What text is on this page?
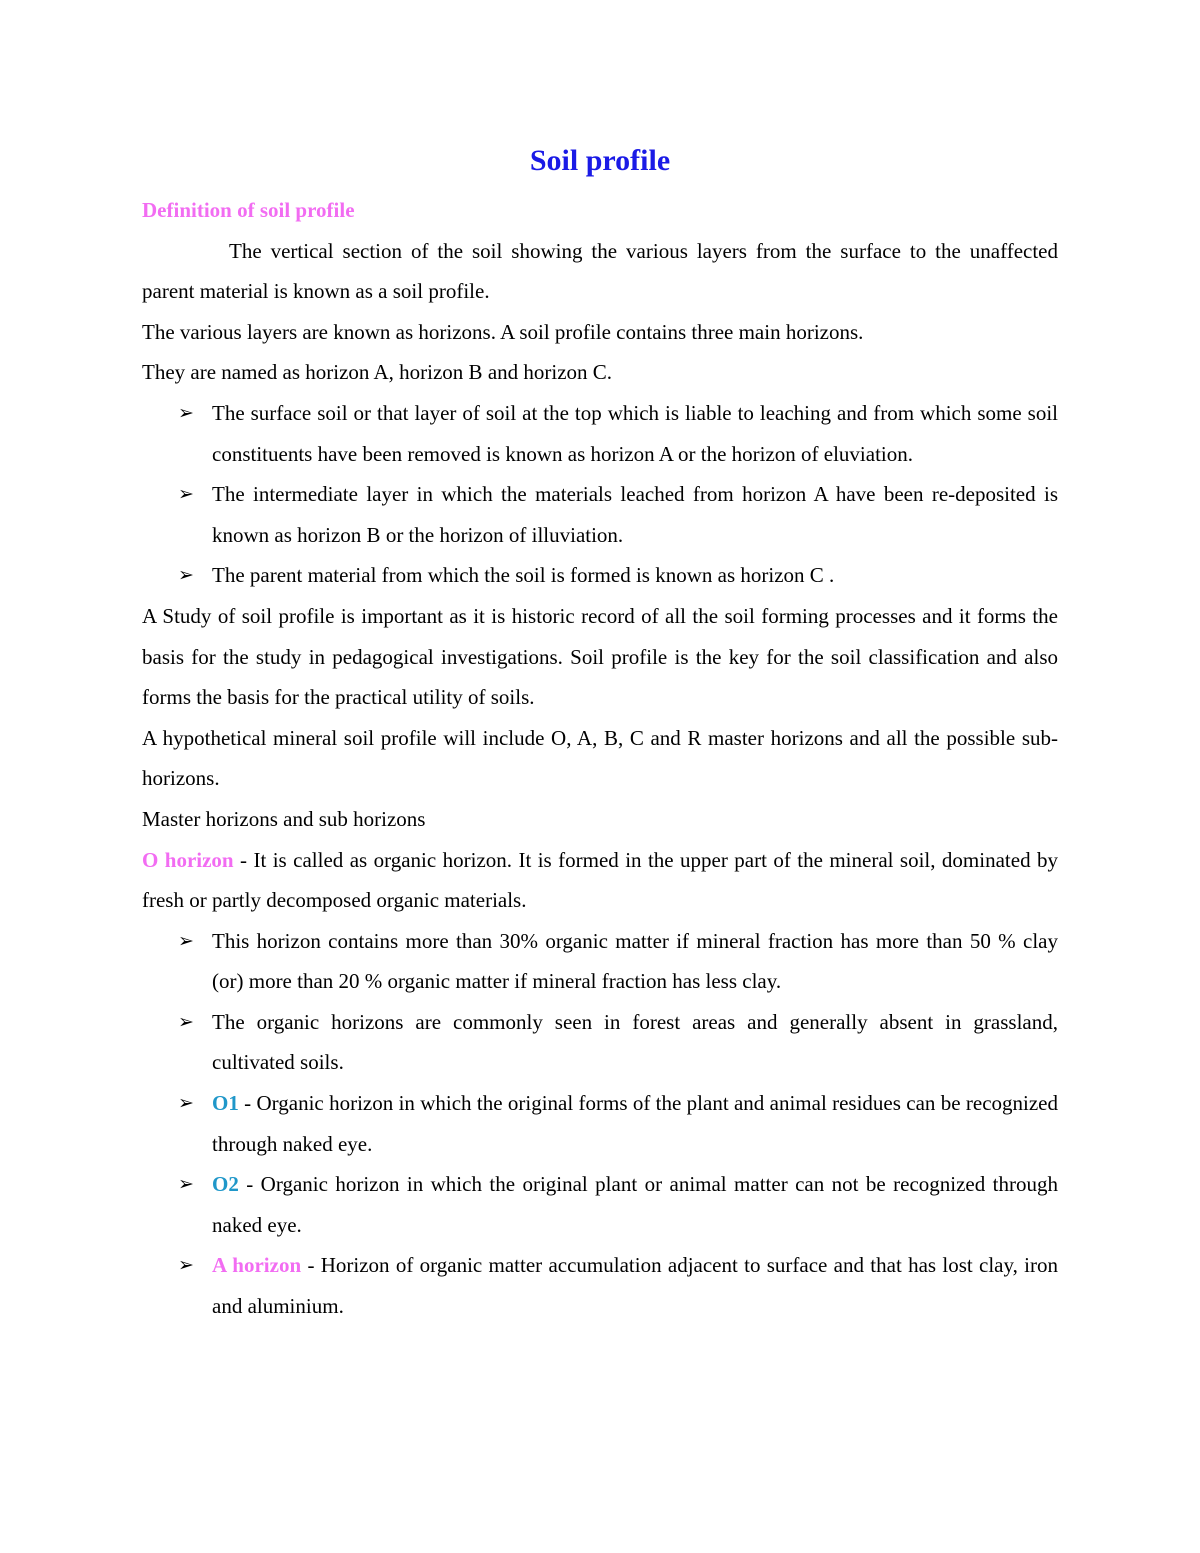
Soil profile

Definition of soil profile

The vertical section of the soil showing the various layers from the surface to the unaffected parent material is known as a soil profile.

The various layers are known as horizons. A soil profile contains three main horizons.

They are named as horizon A, horizon B and horizon C.

➢ The surface soil or that layer of soil at the top which is liable to leaching and from which some soil constituents have been removed is known as horizon A or the horizon of eluviation.
➢ The intermediate layer in which the materials leached from horizon A have been re-deposited is known as horizon B or the horizon of illuviation.
➢ The parent material from which the soil is formed is known as horizon C .

A Study of soil profile is important as it is historic record of all the soil forming processes and it forms the basis for the study in pedagogical investigations. Soil profile is the key for the soil classification and also forms the basis for the practical utility of soils.

A hypothetical mineral soil profile will include O, A, B, C and R master horizons and all the possible sub-horizons.

Master horizons and sub horizons

O horizon - It is called as organic horizon. It is formed in the upper part of the mineral soil, dominated by fresh or partly decomposed organic materials.

➢ This horizon contains more than 30% organic matter if mineral fraction has more than 50 % clay (or) more than 20 % organic matter if mineral fraction has less clay.
➢ The organic horizons are commonly seen in forest areas and generally absent in grassland, cultivated soils.
➢ O1 - Organic horizon in which the original forms of the plant and animal residues can be recognized through naked eye.
➢ O2 - Organic horizon in which the original plant or animal matter can not be recognized through naked eye.
➢ A horizon - Horizon of organic matter accumulation adjacent to surface and that has lost clay, iron and aluminium.
